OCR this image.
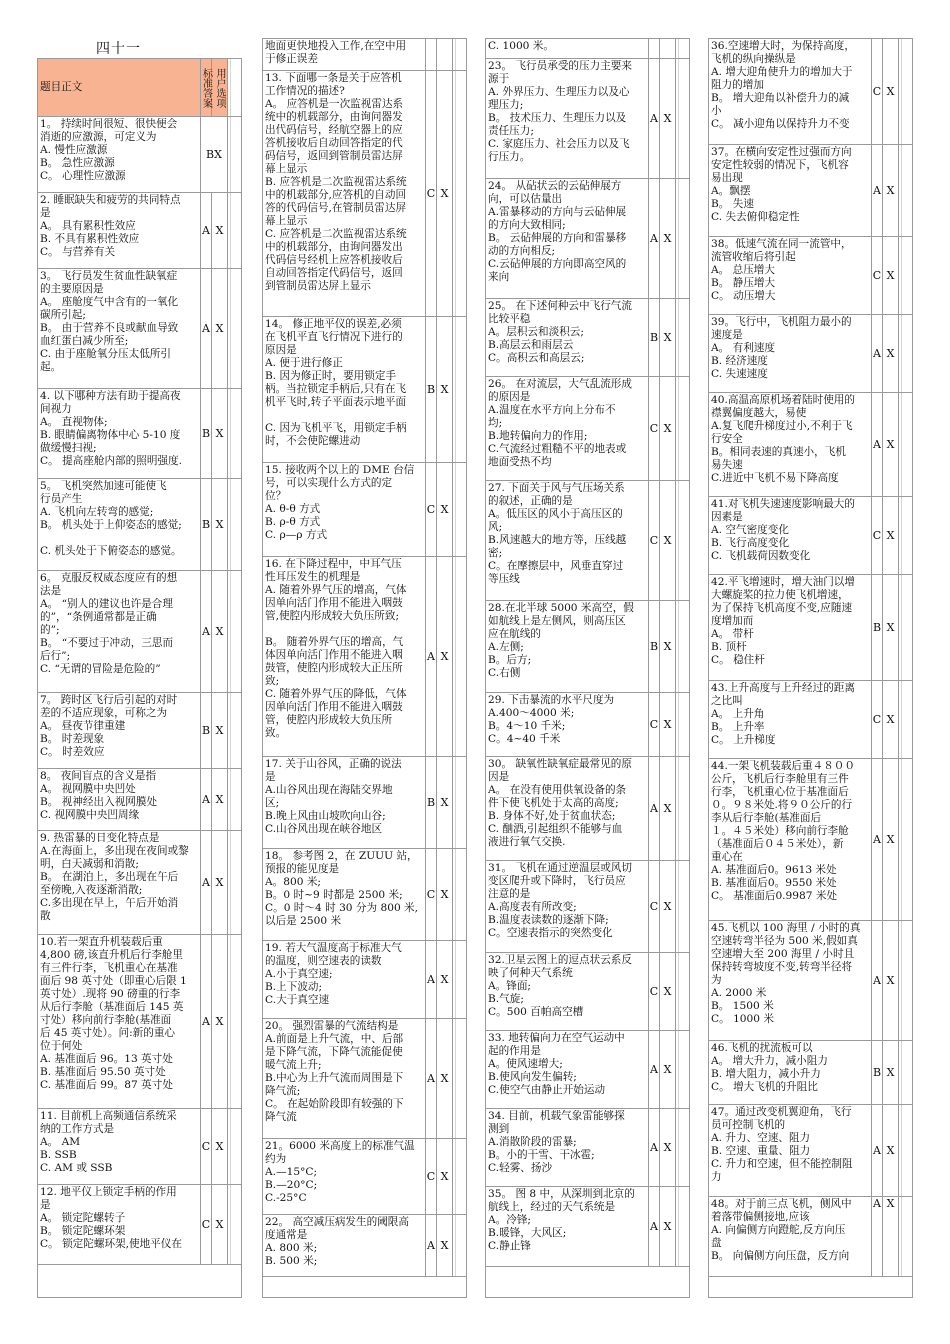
四十一
题目正文	标准答案 用户选项
1。 持续时间很短、很快便会
消逝的应激源，可定义为
A. 慢性应激源
B。 急性应激源
C。 心理性应激源
BX
2. 睡眠缺失和疲劳的共同特点
是
A。 具有累积性效应
B. 不具有累积性效应
C。 与营养有关
A X
3。 飞行员发生贫血性缺氧症
的主要原因是
A。 座舱度气中含有的一氧化
碳所引起;
B。 由于营养不良或献血导致
血红蛋白减少所至;
C. 由于座舱氧分压太低所引
起。
A X
4. 以下哪种方法有助于提高夜
间视力
A。 直视物体;
B. 眼睛偏离物体中心 5-10 度
做缓慢扫视;
C。 提高座舱内部的照明强度.
B X
5。 飞机突然加速可能使飞
行员产生
A. 飞机向左转弯的感觉;
B。 机头处于上仰姿态的感觉;

C. 机头处于下俯姿态的感觉。
B X
6。 克服反权威态度应有的想
法是
A。 “别人的建议也许是合理
的”，“条例通常都是正确
的”;
B。 “不要过于冲动，三思而
后行”;
C. “无谓的冒险是危险的”
A X
7。 跨时区飞行后引起的对时
差的不适应现象，可称之为
A。 昼夜节律重建
B。 时差现象
C。 时差效应
B X
8。 夜间盲点的含义是指
A。 视网膜中央凹处
B。 视神经出入视网膜处
C. 视网膜中央凹周缘
A X
9. 热雷暴的日变化特点是
A.在海面上，多出现在夜间或黎
明，白天减弱和消散;
B。 在湖泊上，多出现在午后
至傍晚,入夜逐渐消散;
C.多出现在早上，午后开始消
散
A X
10.若一架直升机装载后重
4,800 磅,该直升机后行李舱里
有三件行李，飞机重心在基准
面后 98 英寸处（即重心后限 1
英寸处）.现将 90 磅重的行李
从后行李舱（基准面后 145 英
寸处）移向前行李舱(基准面
后 45 英寸处）。问:新的重心
位于何处
A. 基准面后 96。13 英寸处
B. 基准面后 95.50 英寸处
C. 基准面后 99。87 英寸处
A X
11. 目前机上高频通信系统采
纳的工作方式是
A。 AM
B. SSB
C. AM 或 SSB
C X
12. 地平仪上锁定手柄的作用
是
A。 锁定陀螺转子
B。 锁定陀螺环架
C。 锁定陀螺环架,使地平仪在
C X
地面更快地投入工作,在空中用
于修正误差
13. 下面哪一条是关于应答机
工作情况的描述?
A。 应答机是一次监视雷达系
统中的机载部分，由询问器发
出代码信号，经航空器上的应
答机接收后自动回答指定的代
码信号，返回到管制员雷达屏
幕上显示
B. 应答机是二次监视雷达系统
中的机载部分,应答机的自动回
答的代码信号,在管制员雷达屏
幕上显示
C. 应答机是二次监视雷达系统
中的机载部分，由询问器发出
代码信号经机上应答机接收后
自动回答指定代码信号，返回
到管制员雷达屏上显示
C X
14。 修正地平仪的误差,必须
在飞机平直飞行情况下进行的
原因是
A. 便于进行修正
B. 因为修正时，要用锁定手
柄。当拉锁定手柄后,只有在飞
机平飞时,转子平面表示地平面

C. 因为飞机平飞，用锁定手柄
时，不会使陀螺进动
B X
15. 接收两个以上的 DME 台信
号，可以实现什么方式的定
位？
A. θ-θ 方式
B. ρ-θ 方式
C. ρ—ρ 方式
C X
16. 在下降过程中，中耳气压
性耳压发生的机理是
A. 随着外界气压的增高，气体
因单向活门作用不能进入咽鼓
管,使腔内形成较大负压所致;

B。 随着外界气压的增高，气
体因单向活门作用不能进入咽
鼓管，使腔内形成较大正压所
致;
C. 随着外界气压的降低，气体
因单向活门作用不能进入咽鼓
管，使腔内形成较大负压所
致。
A X
17. 关于山谷风，正确的说法
是
A.山谷风出现在海陆交界地
区;
B.晚上风由山坡吹向山谷;
C.山谷风出现在峡谷地区
B X
18。 参考图 2，在 ZUUU 站，
预报的能见度是
A。800 米;
B。0 时~9 时都是 2500 米;
C。0 时～4 时 30 分为 800 米,
以后是 2500 米
C X
19. 若大气温度高于标准大气
的温度，则空速表的读数
A.小于真空速;
B.上下波动;
C.大于真空速
A X
20。 强烈雷暴的气流结构是
A.前面是上升气流，中、后部
是下降气流，下降气流能促使
暖气流上升;
B.中心为上升气流而周围是下
降气流;
C。 在起始阶段即有较强的下
降气流
A X
21。6000 米高度上的标准气温
约为
A.—15°C;
B.—20°C;
C.-25°C
C X
22。 高空减压病发生的阈限高
度通常是
A. 800 米;
B. 500 米;
A X
C. 1000 米。
23。 飞行员承受的压力主要来
源于
A. 外界压力、生理压力以及心
理压力;
B。 技术压力、生理压力以及
责任压力;
C. 家庭压力、社会压力以及飞
行压力。
A X
24。 从砧状云的云砧伸展方
向，可以估量出
A.雷暴移动的方向与云砧伸展
的方向大致相同;
B。 云砧伸展的方向和雷暴移
动的方向相反;
C.云砧伸展的方向即高空风的
来向
A X
25。 在下述何种云中飞行气流
比较平稳
A。层积云和淡积云;
B.高层云和雨层云
C。高积云和高层云;
B X
26。 在对流层，大气乱流形成
的原因是
A.温度在水平方向上分布不
均;
B.地转偏向力的作用;
C.气流经过粗糙不平的地表或
地面受热不均
C X
27. 下面关于风与气压场关系
的叙述，正确的是
A。低压区的风小于高压区的
风;
B.风速越大的地方等，压线越
密;
C。在摩擦层中，风垂直穿过
等压线
C X
28.在北半球 5000 米高空，假
如航线上是左侧风，则高压区
应在航线的
A.左侧;
B。后方;
C.右侧
B X
29. 下击暴流的水平尺度为
A.400～4000 米;
B。4～10 千米;
C。4~40 千米
C X
30。 缺氧性缺氧症最常见的原
因是
A。 在没有使用供氧设备的条
件下使飞机处于太高的高度;
B. 身体不好,处于贫血状态;
C. 酗酒,引起组织不能够与血
液进行氧气交换.
A X
31。 飞机在通过逆温层或风切
变区爬升或下降时，飞行员应
注意的是
A.高度表有所改变;
B.温度表读数的逐渐下降;
C。空速表指示的突然变化
C X
32.卫星云图上的逗点状云系反
映了何种天气系统
A。锋面;
B.气旋;
C。500 百帕高空槽
C X
33. 地转偏向力在空气运动中
起的作用是
A。使风速增大;
B.使风向发生偏转;
C.使空气由静止开始运动
A X
34. 目前，机载气象雷能够探
测到
A.消散阶段的雷暴;
B。小的干雪、干冰雹;
C.轻雾、扬沙
A X
35。 图 8 中，从深圳到北京的
航线上，经过的天气系统是
A。冷锋;
B.暖锋，大风区;
C.静止锋
A X
36.空速增大时，为保持高度，
飞机的纵向操纵是
A. 增大迎角使升力的增加大于
阻力的增加
B。 增大迎角以补偿升力的减
小
C。 减小迎角以保持升力不变
C X
37。在横向安定性过强而方向
安定性较弱的情况下，飞机容
易出现
A。飘摆
B。 失速
C. 失去俯仰稳定性
A X
38。低速气流在同一流管中，
流管收缩后将引起
A。 总压增大
B。 静压增大
C。 动压增大
C X
39。飞行中，飞机阻力最小的
速度是
A。 有利速度
B. 经济速度
C. 失速速度
A X
40.高温高原机场着陆时使用的
襟翼偏度越大，易使
A.复飞爬升梯度过小,不利于飞
行安全
B。相同表速的真速小，飞机
易失速
C.进近中飞机不易下降高度
A X
41.对飞机失速速度影响最大的
因素是
A. 空气密度变化
B. 飞行高度变化
C. 飞机载荷因数变化
C X
42.平飞增速时，增大油门以增
大螺旋桨的拉力使飞机增速，
为了保持飞机高度不变,应随速
度增加而
A。 带杆
B. 顶杆
C。 稳住杆
B X
43.上升高度与上升经过的距离
之比叫
A。 上升角
B。 上升率
C。 上升梯度
C X
44.一架飞机装载后重４８００
公斤，飞机后行李舱里有三件
行李，飞机重心位于基准面后
０。９８米处.将９０公斤的行
李从后行李舱(基准面后
１。４５米处）移向前行李舱
（基准面后０４５米处），新
重心在
A. 基准面后0。9613 米处
B. 基准面后0。9550 米处
C。 基准面后0.9987 米处
A X
45.飞机以 100 海里 / 小时的真
空速转弯半径为 500 米,假如真
空速增大至 200 海里 / 小时且
保持转弯坡度不变,转弯半径将
为
A. 2000 米
B。 1500 米
C。 1000 米
A X
46.飞机的扰流板可以
A。 增大升力，减小阻力
B. 增大阻力，减小升力
C。 增大飞机的升阻比
B X
47。通过改变机翼迎角，飞行
员可控制飞机的
A. 升力、空速、阻力
B. 空速、重量、阻力
C. 升力和空速，但不能控制阻
力
A X
48。对于前三点飞机，侧风中
着落带偏侧接地,应该
A. 向偏侧方向蹬舵,反方向压
盘
B。 向偏侧方向压盘，反方向
A X
